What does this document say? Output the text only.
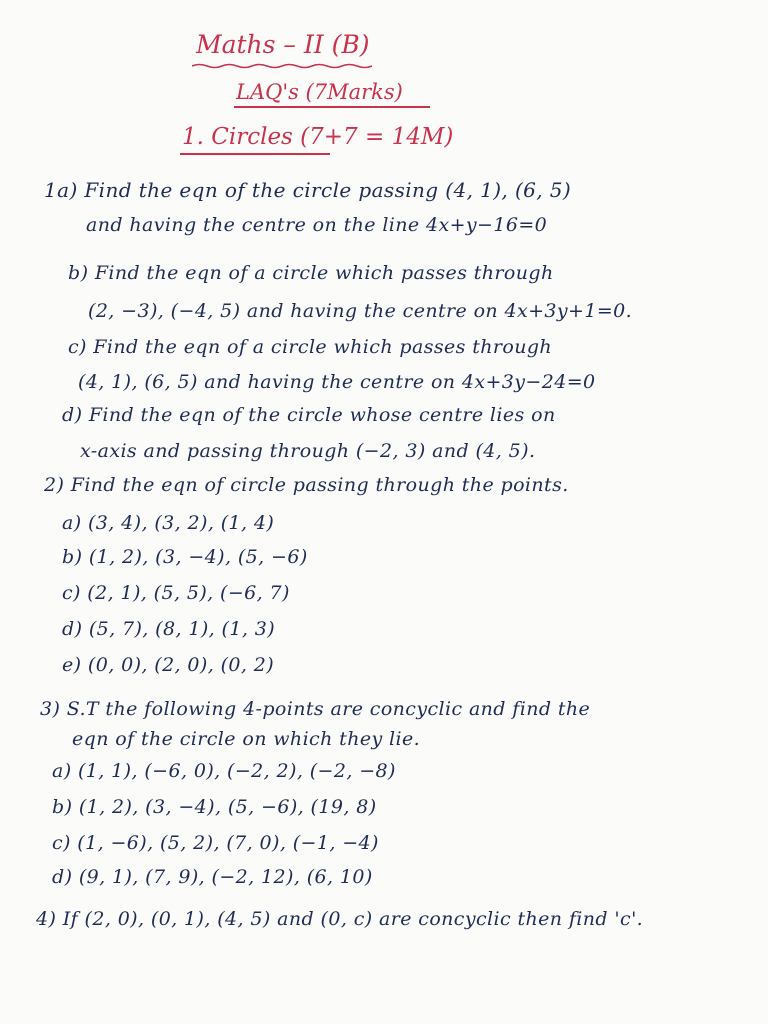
Maths – II (B)
LAQ's (7Marks)
1. Circles (7+7 = 14M)
1a) Find the eqn of the circle passing (4, 1), (6, 5)
and having the centre on the line 4x+y−16=0
b) Find the eqn of a circle which passes through
(2, −3), (−4, 5) and having the centre on 4x+3y+1=0.
c) Find the eqn of a circle which passes through
(4, 1), (6, 5) and having the centre on 4x+3y−24=0
d) Find the eqn of the circle whose centre lies on
x-axis and passing through (−2, 3) and (4, 5).
2) Find the eqn of circle passing through the points.
a) (3, 4), (3, 2), (1, 4)
b) (1, 2), (3, −4), (5, −6)
c) (2, 1), (5, 5), (−6, 7)
d) (5, 7), (8, 1), (1, 3)
e) (0, 0), (2, 0), (0, 2)
3) S.T the following 4-points are concyclic and find the
eqn of the circle on which they lie.
a) (1, 1), (−6, 0), (−2, 2), (−2, −8)
b) (1, 2), (3, −4), (5, −6), (19, 8)
c) (1, −6), (5, 2), (7, 0), (−1, −4)
d) (9, 1), (7, 9), (−2, 12), (6, 10)
4) If (2, 0), (0, 1), (4, 5) and (0, c) are concyclic then find 'c'.
